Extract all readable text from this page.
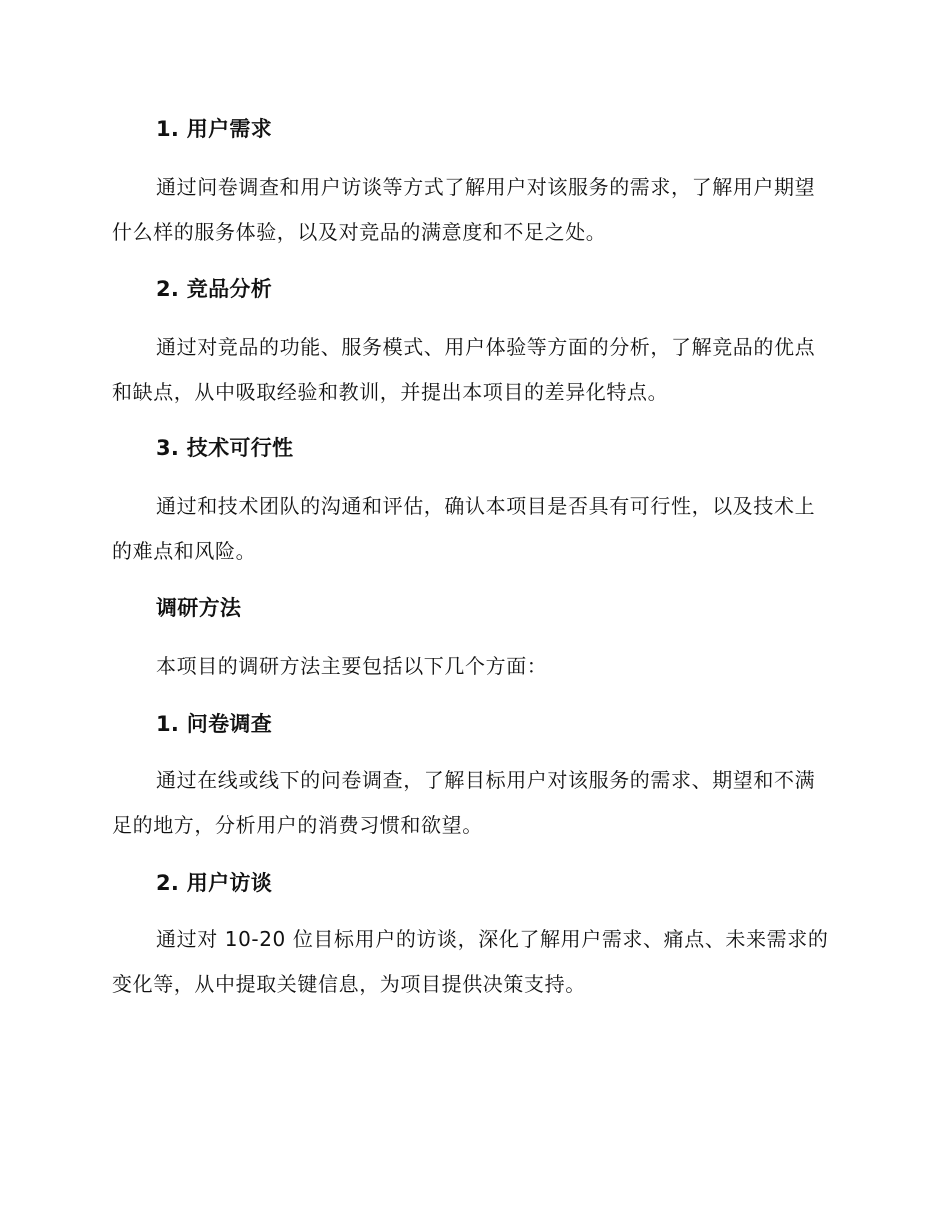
1. 用户需求

通过问卷调查和用户访谈等方式了解用户对该服务的需求，了解用户期望什么样的服务体验，以及对竞品的满意度和不足之处。

2. 竞品分析

通过对竞品的功能、服务模式、用户体验等方面的分析，了解竞品的优点和缺点，从中吸取经验和教训，并提出本项目的差异化特点。

3. 技术可行性

通过和技术团队的沟通和评估，确认本项目是否具有可行性，以及技术上的难点和风险。

调研方法
本项目的调研方法主要包括以下几个方面：
1. 问卷调查

通过在线或线下的问卷调查，了解目标用户对该服务的需求、期望和不满足的地方，分析用户的消费习惯和欲望。

2. 用户访谈

通过对 10-20 位目标用户的访谈，深化了解用户需求、痛点、未来需求的变化等，从中提取关键信息，为项目提供决策支持。
